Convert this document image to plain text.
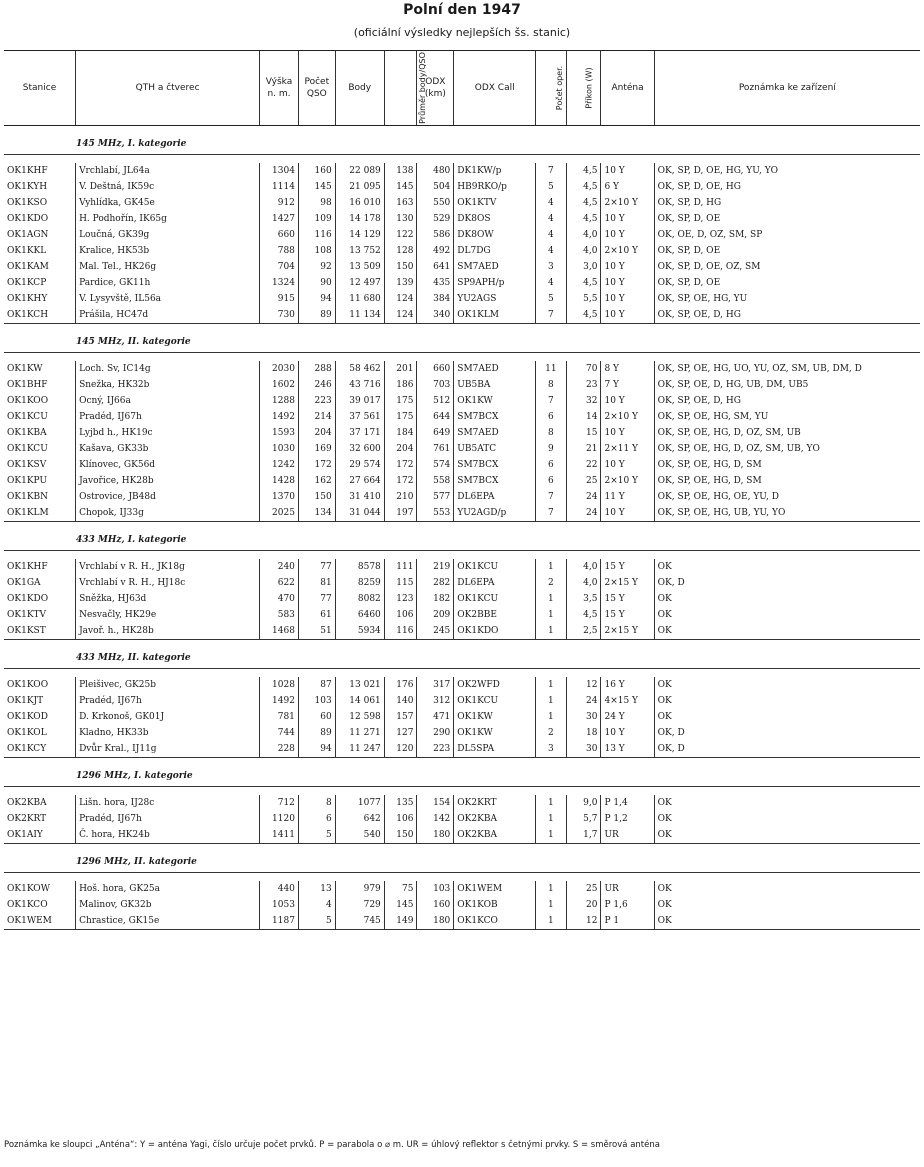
Polní den 1947
(oficiální výsledky nejlepších šs. stanic)
Stanice	QTH a čtverec	Výška n. m.	Počet QSO	Body	Průměr body/QSO	ODX (km)	ODX Call	Počet oper.	Příkon (W)	Anténa	Poznámka ke zařízení

145 MHz, I. kategorie											

OK1KHF	Vrchlabí, JL64a	1304	160	22 089	138	480	DK1KW/p	7	4,5	10 Y	OK, SP, D, OE, HG, YU, YO
OK1KYH	V. Deštná, IK59c	1114	145	21 095	145	504	HB9RKO/p	5	4,5	6 Y	OK, SP, D, OE, HG
OK1KSO	Vyhlídka, GK45e	912	98	16 010	163	550	OK1KTV	4	4,5	2×10 Y	OK, SP, D, HG
OK1KDO	H. Podhořín, IK65g	1427	109	14 178	130	529	DK8OS	4	4,5	10 Y	OK, SP, D, OE
OK1AGN	Loučná, GK39g	660	116	14 129	122	586	DK8OW	4	4,0	10 Y	OK, OE, D, OZ, SM, SP
OK1KKL	Kralice, HK53b	788	108	13 752	128	492	DL7DG	4	4,0	2×10 Y	OK, SP, D, OE
OK1KAM	Mal. Tel., HK26g	704	92	13 509	150	641	SM7AED	3	3,0	10 Y	OK, SP, D, OE, OZ, SM
OK1KCP	Pardice, GK11h	1324	90	12 497	139	435	SP9APH/p	4	4,5	10 Y	OK, SP, D, OE
OK1KHY	V. Lysyvště, IL56a	915	94	11 680	124	384	YU2AGS	5	5,5	10 Y	OK, SP, OE, HG, YU
OK1KCH	Prášila, HC47d	730	89	11 134	124	340	OK1KLM	7	4,5	10 Y	OK, SP, OE, D, HG

145 MHz, II. kategorie											

OK1KW	Loch. Sv, IC14g	2030	288	58 462	201	660	SM7AED	11	70	8 Y	OK, SP, OE, HG, UO, YU, OZ, SM, UB, DM, D
OK1BHF	Snežka, HK32b	1602	246	43 716	186	703	UB5BA	8	23	7 Y	OK, SP, OE, D, HG, UB, DM, UB5
OK1KOO	Ocný, IJ66a	1288	223	39 017	175	512	OK1KW	7	32	10 Y	OK, SP, OE, D, HG
OK1KCU	Pradéd, IJ67h	1492	214	37 561	175	644	SM7BCX	6	14	2×10 Y	OK, SP, OE, HG, SM, YU
OK1KBA	Lyjbd h., HK19c	1593	204	37 171	184	649	SM7AED	8	15	10 Y	OK, SP, OE, HG, D, OZ, SM, UB
OK1KCU	Kašava, GK33b	1030	169	32 600	204	761	UB5ATC	9	21	2×11 Y	OK, SP, OE, HG, D, OZ, SM, UB, YO
OK1KSV	Klínovec, GK56d	1242	172	29 574	172	574	SM7BCX	6	22	10 Y	OK, SP, OE, HG, D, SM
OK1KPU	Javořice, HK28b	1428	162	27 664	172	558	SM7BCX	6	25	2×10 Y	OK, SP, OE, HG, D, SM
OK1KBN	Ostrovice, JB48d	1370	150	31 410	210	577	DL6EPA	7	24	11 Y	OK, SP, OE, HG, OE, YU, D
OK1KLM	Chopok, IJ33g	2025	134	31 044	197	553	YU2AGD/p	7	24	10 Y	OK, SP, OE, HG, UB, YU, YO

433 MHz, I. kategorie											

OK1KHF	Vrchlabí v R. H., JK18g	240	77	8578	111	219	OK1KCU	1	4,0	15 Y	OK
OK1GA	Vrchlabí v R. H., HJ18c	622	81	8259	115	282	DL6EPA	2	4,0	2×15 Y	OK, D
OK1KDO	Sněžka, HJ63d	470	77	8082	123	182	OK1KCU	1	3,5	15 Y	OK
OK1KTV	Nesvačly, HK29e	583	61	6460	106	209	OK2BBE	1	4,5	15 Y	OK
OK1KST	Javoř. h., HK28b	1468	51	5934	116	245	OK1KDO	1	2,5	2×15 Y	OK

433 MHz, II. kategorie											

OK1KOO	Pleišivec, GK25b	1028	87	13 021	176	317	OK2WFD	1	12	16 Y	OK
OK1KJT	Pradéd, IJ67h	1492	103	14 061	140	312	OK1KCU	1	24	4×15 Y	OK
OK1KOD	D. Krkonoš, GK01J	781	60	12 598	157	471	OK1KW	1	30	24 Y	OK
OK1KOL	Kladno, HK33b	744	89	11 271	127	290	OK1KW	2	18	10 Y	OK, D
OK1KCY	Dvůr Kral., IJ11g	228	94	11 247	120	223	DL5SPA	3	30	13 Y	OK, D

1296 MHz, I. kategorie											

OK2KBA	Lišn. hora, IJ28c	712	8	1077	135	154	OK2KRT	1	9,0	P 1,4	OK
OK2KRT	Pradéd, IJ67h	1120	6	642	106	142	OK2KBA	1	5,7	P 1,2	OK
OK1AIY	Č. hora, HK24b	1411	5	540	150	180	OK2KBA	1	1,7	UR	OK

1296 MHz, II. kategorie											

OK1KOW	Hoš. hora, GK25a	440	13	979	75	103	OK1WEM	1	25	UR	OK
OK1KCO	Malinov, GK32b	1053	4	729	145	160	OK1KOB	1	20	P 1,6	OK
OK1WEM	Chrastice, GK15e	1187	5	745	149	180	OK1KCO	1	12	P 1	OK
Poznámka ke sloupci „Anténa“: Y = anténa Yagi, číslo určuje počet prvků. P = parabola o ⌀ m. UR = úhlový reflektor s četnými prvky. S = směrová anténa
